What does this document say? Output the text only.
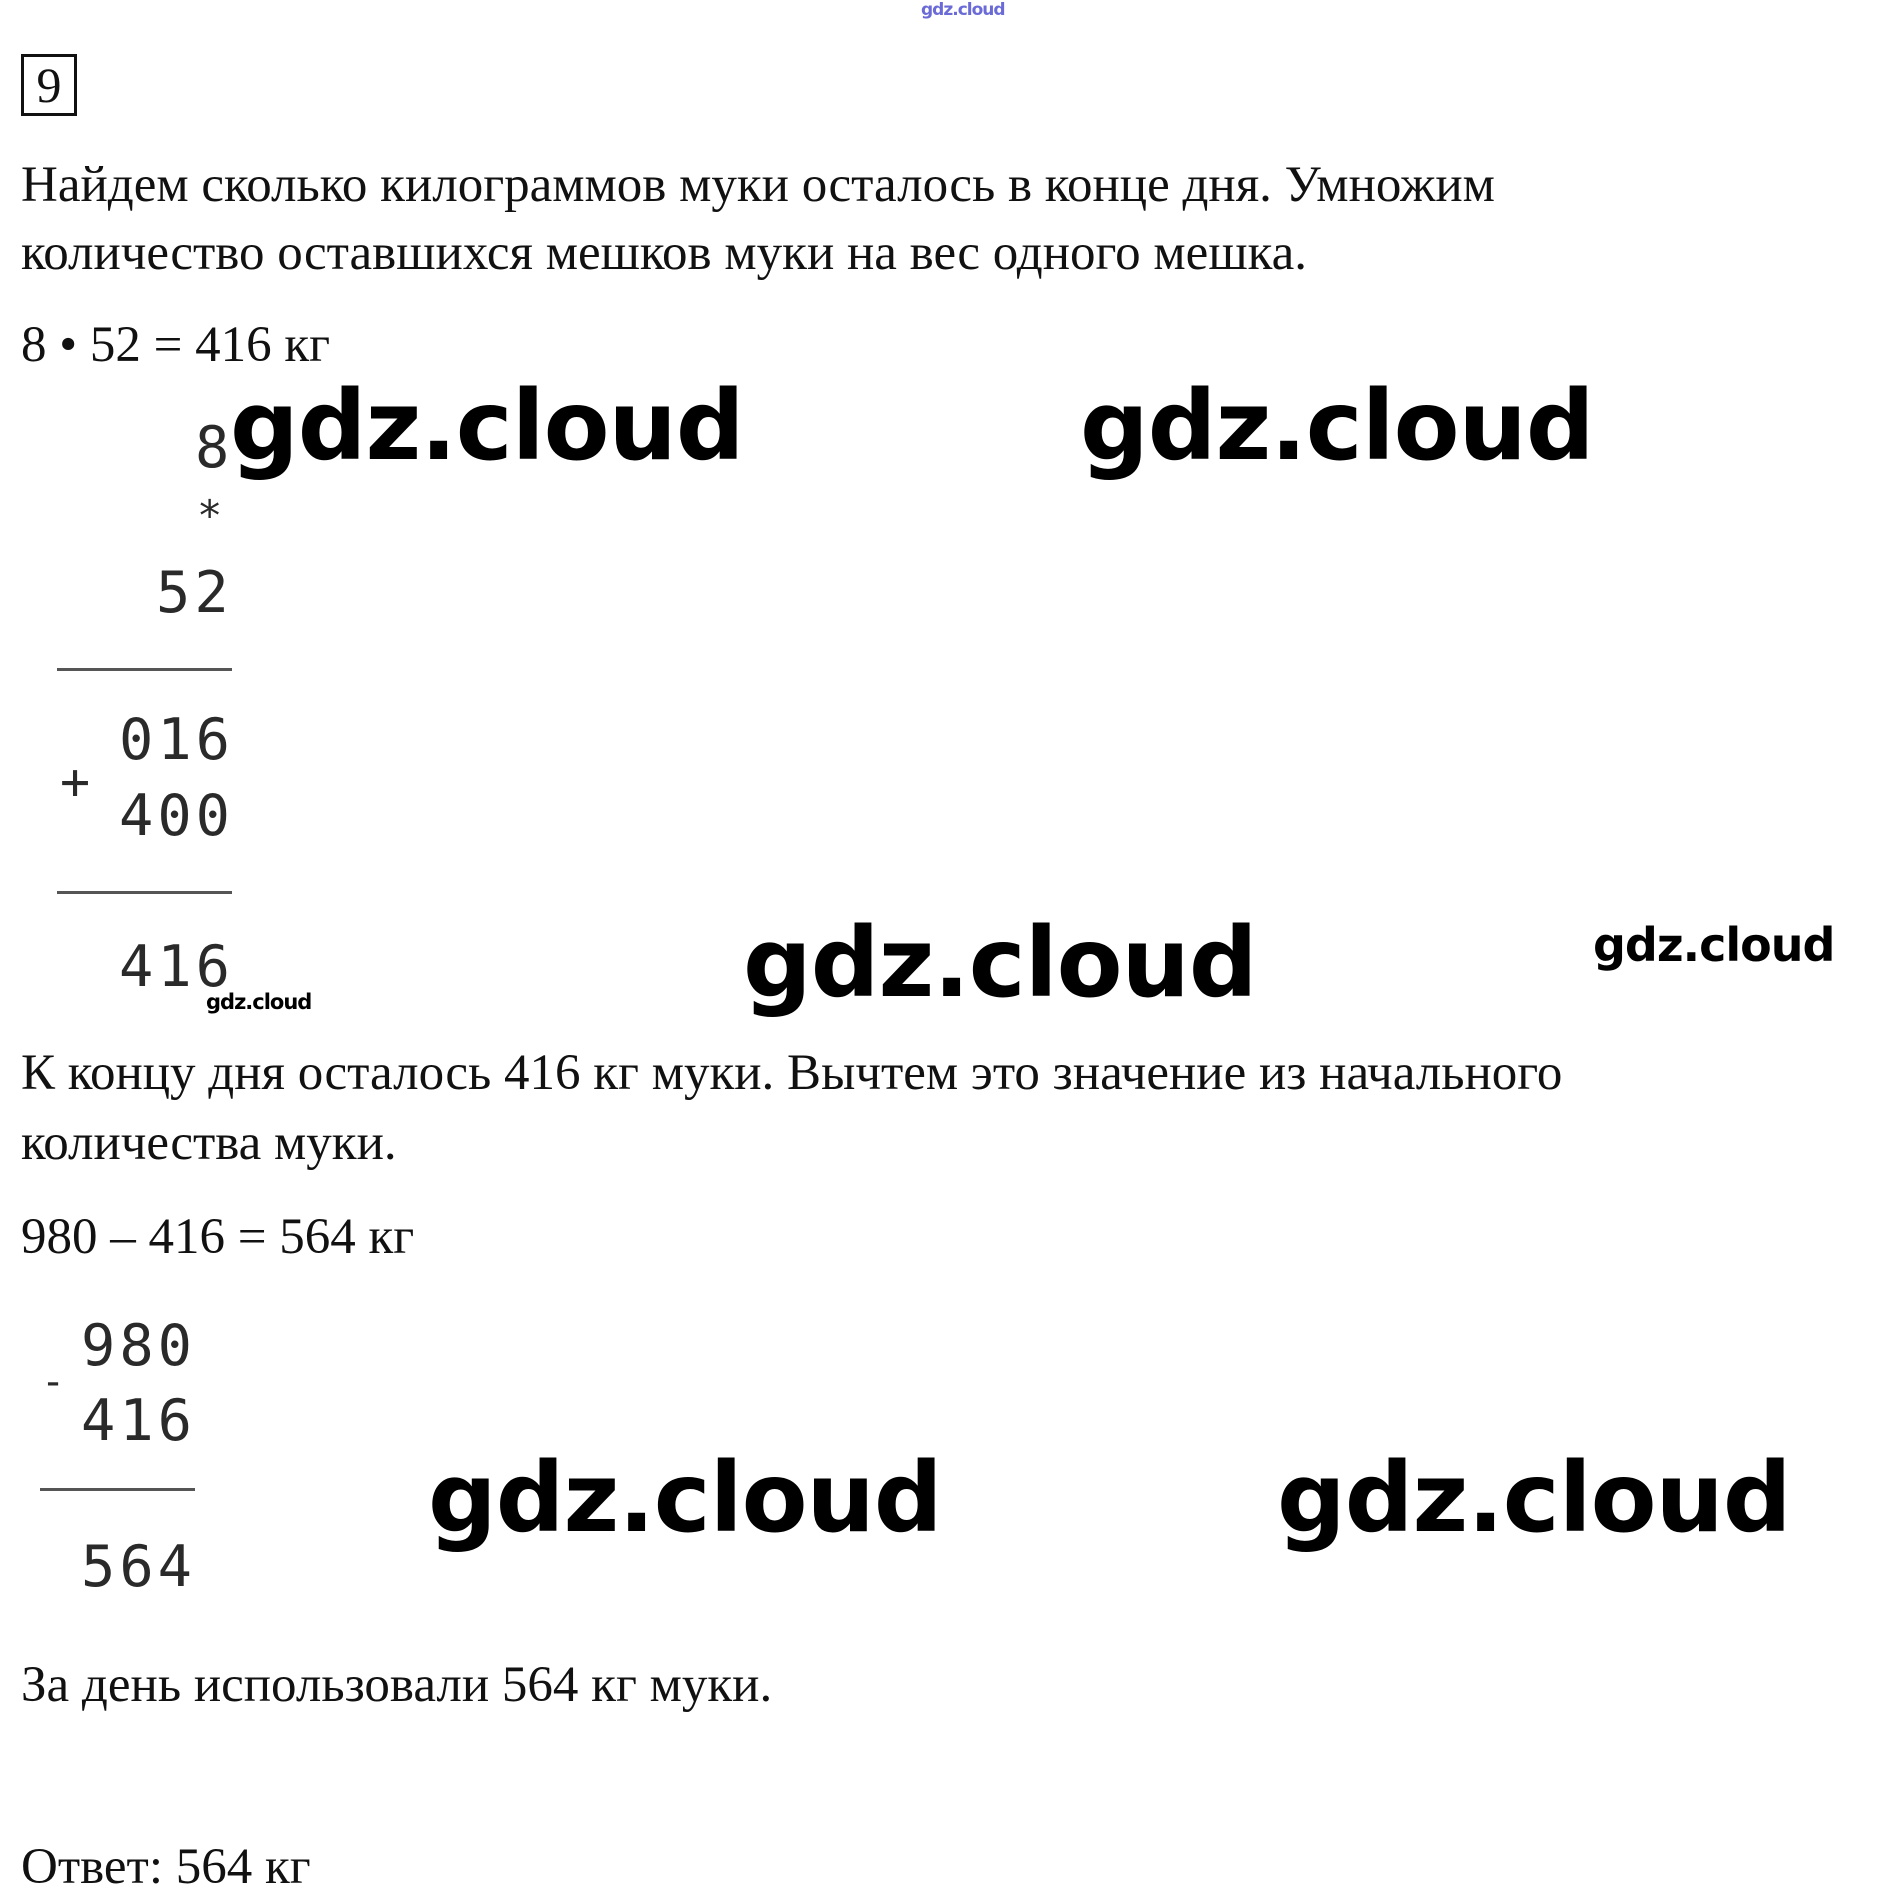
gdz.cloud
9
Найдем сколько килограммов муки осталось в конце дня. Умножим
количество оставшихся мешков муки на вес одного мешка.
8 • 52 = 416 кг
8
*
52
016
+
400
416
gdz.cloud	gdz.cloud
gdz.cloud	gdz.cloud
gdz.cloud
К концу дня осталось 416 кг муки. Вычтем это значение из начального
количества муки.
980 – 416 = 564 кг
980
-
416
564
gdz.cloud	gdz.cloud
За день использовали 564 кг муки.
Ответ: 564 кг
